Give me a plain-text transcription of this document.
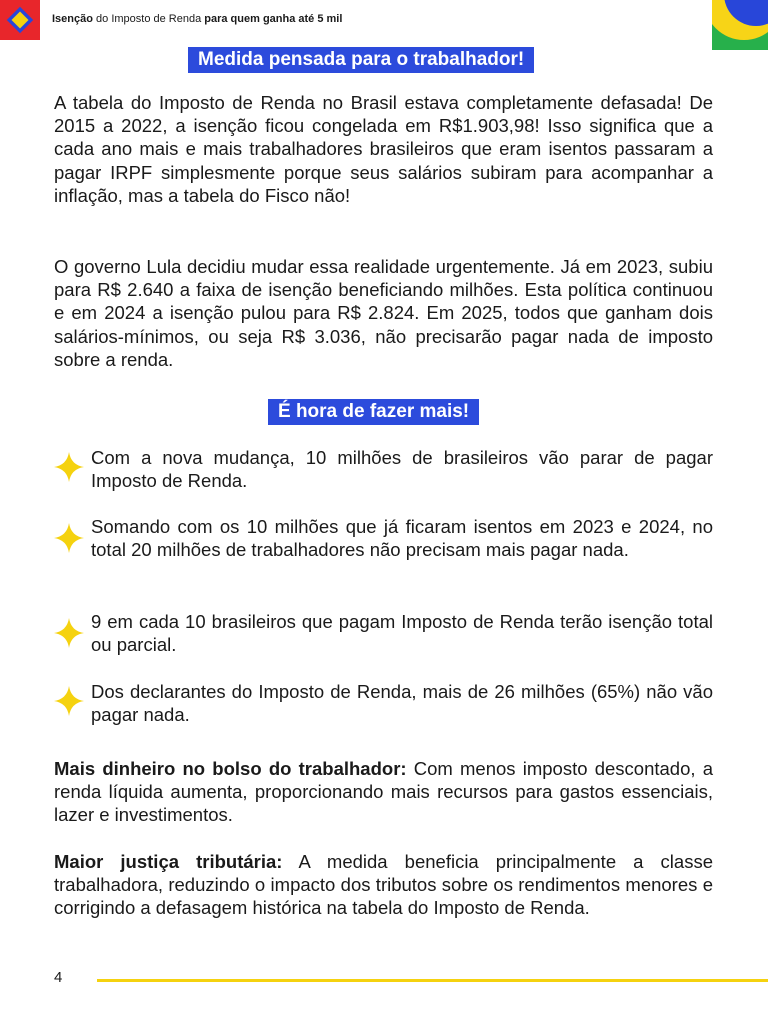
Isenção do Imposto de Renda para quem ganha até 5 mil
Medida pensada para o trabalhador!

A tabela do Imposto de Renda no Brasil estava completamente defasada! De 2015 a 2022, a isenção ficou congelada em R$1.903,98! Isso significa que a cada ano mais e mais trabalhadores brasileiros que eram isentos passaram a pagar IRPF simplesmente porque seus salários subiram para acompanhar a inflação, mas a tabela do Fisco não!

O governo Lula decidiu mudar essa realidade urgentemente. Já em 2023, subiu para R$ 2.640 a faixa de isenção beneficiando milhões. Esta política continuou e em 2024 a isenção pulou para R$ 2.824. Em 2025, todos que ganham dois salários-mínimos, ou seja R$ 3.036, não precisarão pagar nada de imposto sobre a renda.

É hora de fazer mais!

Com a nova mudança, 10 milhões de brasileiros vão parar de pagar Imposto de Renda.

Somando com os 10 milhões que já ficaram isentos em 2023 e 2024, no total 20 milhões de trabalhadores não precisam mais pagar nada.

9 em cada 10 brasileiros que pagam Imposto de Renda terão isenção total ou parcial.

Dos declarantes do Imposto de Renda, mais de 26 milhões (65%) não vão pagar nada.

Mais dinheiro no bolso do trabalhador: Com menos imposto descontado, a renda líquida aumenta, proporcionando mais recursos para gastos essenciais, lazer e investimentos.

Maior justiça tributária: A medida beneficia principalmente a classe trabalhadora, reduzindo o impacto dos tributos sobre os rendimentos menores e corrigindo a defasagem histórica na tabela do Imposto de Renda.

4
